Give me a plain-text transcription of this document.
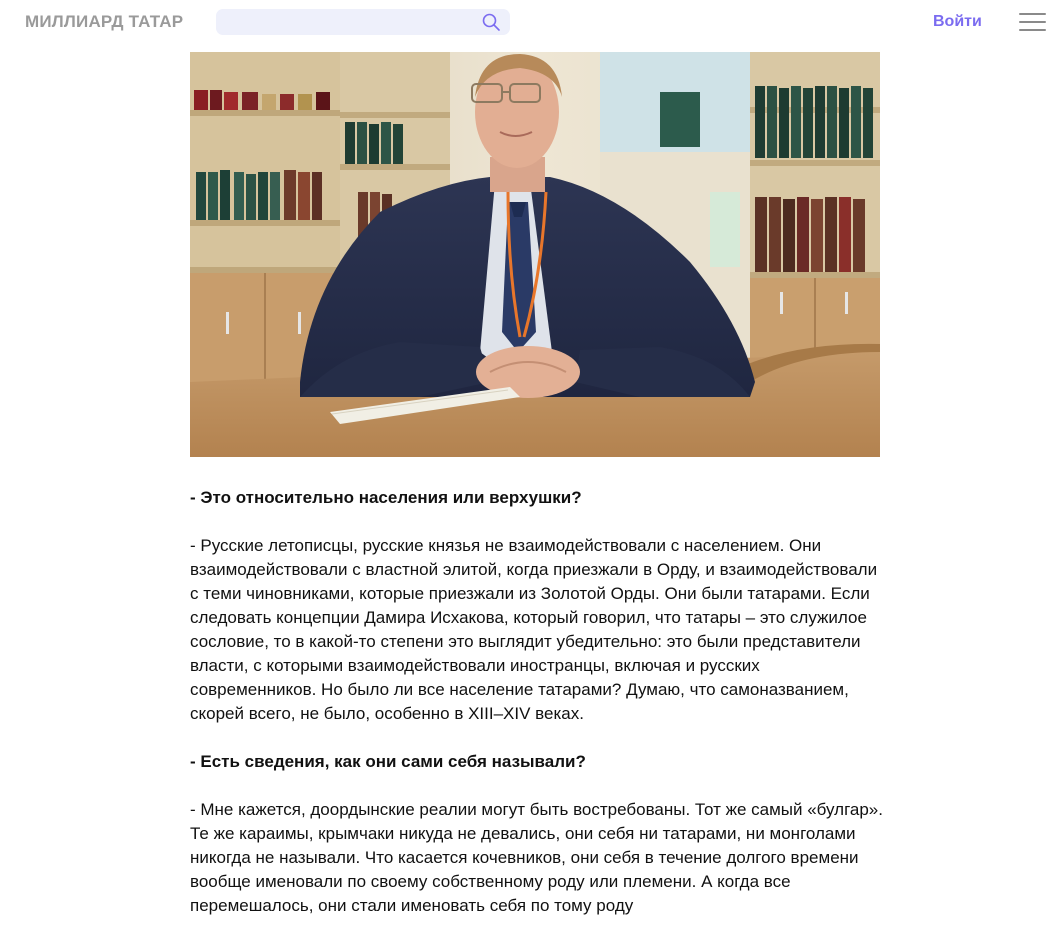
МИЛЛИАРД ТАТАР	Войти

- Это относительно населения или верхушки?

- Русские летописцы, русские князья не взаимодействовали с населением. Они взаимодействовали с властной элитой, когда приезжали в Орду, и взаимодействовали с теми чиновниками, которые приезжали из Золотой Орды. Они были татарами. Если следовать концепции Дамира Исхакова, который говорил, что татары – это служилое сословие, то в какой-то степени это выглядит убедительно: это были представители власти, с которыми взаимодействовали иностранцы, включая и русских современников. Но было ли все население татарами? Думаю, что самоназванием, скорей всего, не было, особенно в XIII–XIV веках.

- Есть сведения, как они сами себя называли?

- Мне кажется, доордынские реалии могут быть востребованы. Тот же самый «булгар». Те же караимы, крымчаки никуда не девались, они себя ни татарами, ни монголами никогда не называли. Что касается кочевников, они себя в течение долгого времени вообще именовали по своему собственному роду или племени. А когда все перемешалось, они стали именовать себя по тому роду
